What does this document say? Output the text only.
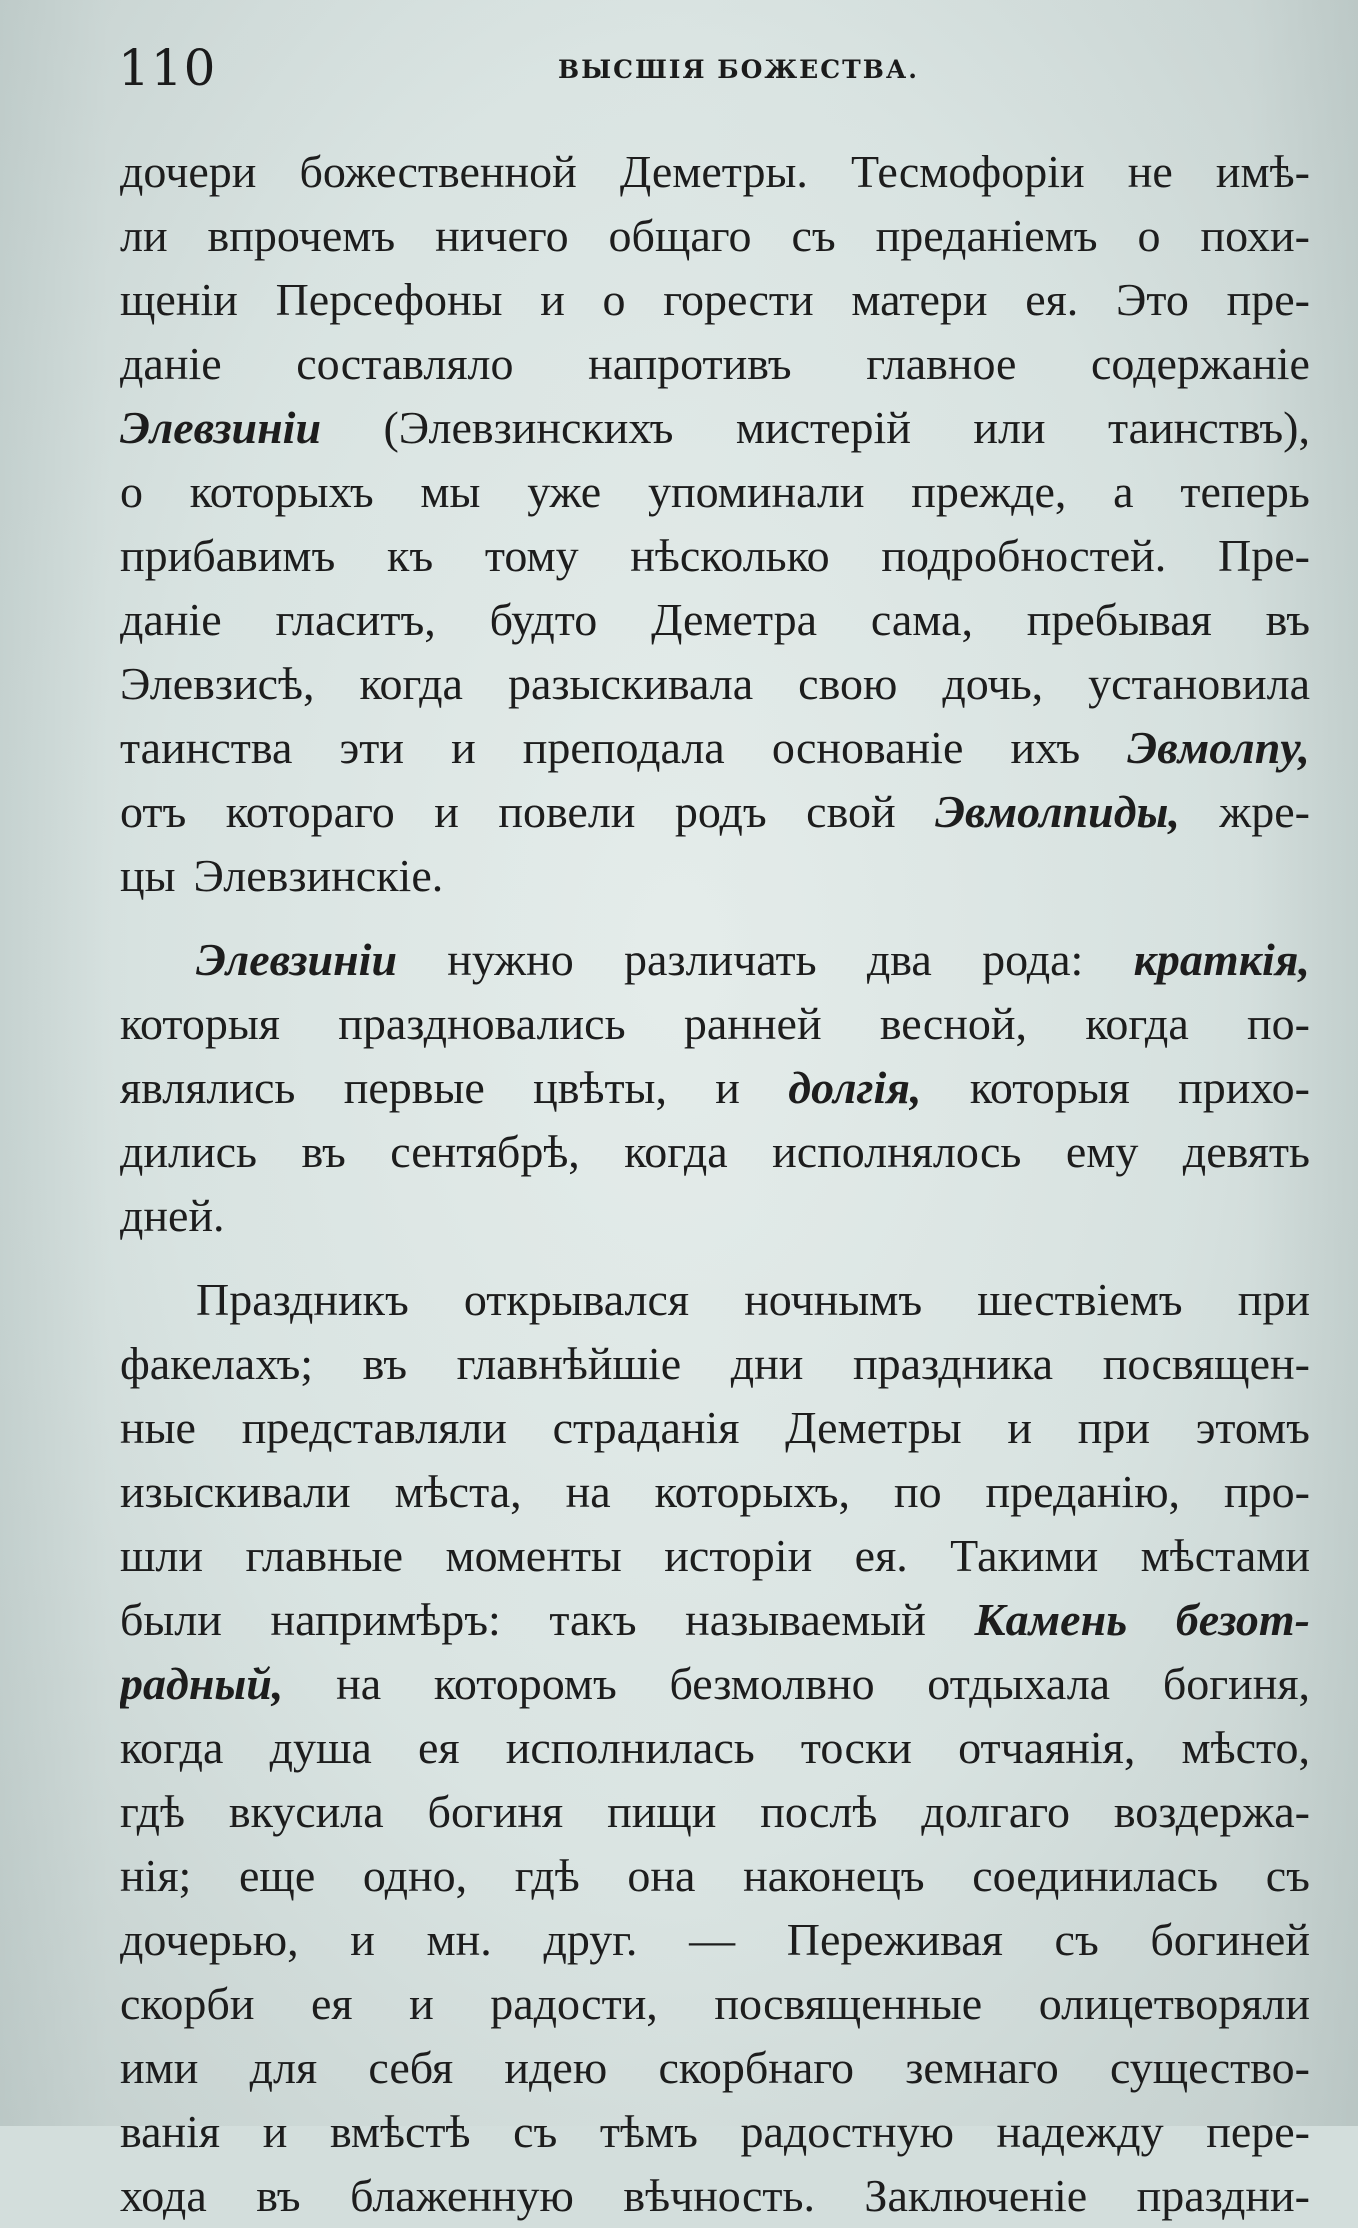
110	ВЫСШІЯ БОЖЕСТВА.
дочери божественной Деметры. Тесмофоріи не имѣ-
ли впрочемъ ничего общаго съ преданіемъ о похи-
щеніи Персефоны и о горести матери ея. Это пре-
даніе составляло напротивъ главное содержаніе
Элевзиніи (Элевзинскихъ мистерій или таинствъ),
о которыхъ мы уже упоминали прежде, а теперь
прибавимъ къ тому нѣсколько подробностей. Пре-
даніе гласитъ, будто Деметра сама, пребывая въ
Элевзисѣ, когда разыскивала свою дочь, установила
таинства эти и преподала основаніе ихъ Эвмолпу,
отъ котораго и повели родъ свой Эвмолпиды, жре-
цы Элевзинскіе.
Элевзиніи нужно различать два рода: краткія,
которыя праздновались ранней весной, когда по-
являлись первые цвѣты, и долгія, которыя прихо-
дились въ сентябрѣ, когда исполнялось ему девять
дней.
Праздникъ открывался ночнымъ шествіемъ при
факелахъ; въ главнѣйшіе дни праздника посвящен-
ные представляли страданія Деметры и при этомъ
изыскивали мѣста, на которыхъ, по преданію, про-
шли главные моменты исторіи ея. Такими мѣстами
были напримѣръ: такъ называемый Камень безот-
радный, на которомъ безмолвно отдыхала богиня,
когда душа ея исполнилась тоски отчаянія, мѣсто,
гдѣ вкусила богиня пищи послѣ долгаго воздержа-
нія; еще одно, гдѣ она наконецъ соединилась съ
дочерью, и мн. друг. — Переживая съ богиней
скорби ея и радости, посвященные олицетворяли
ими для себя идею скорбнаго земнаго существо-
ванія и вмѣстѣ съ тѣмъ радостную надежду пере-
хода въ блаженную вѣчность. Заключеніе праздни-
